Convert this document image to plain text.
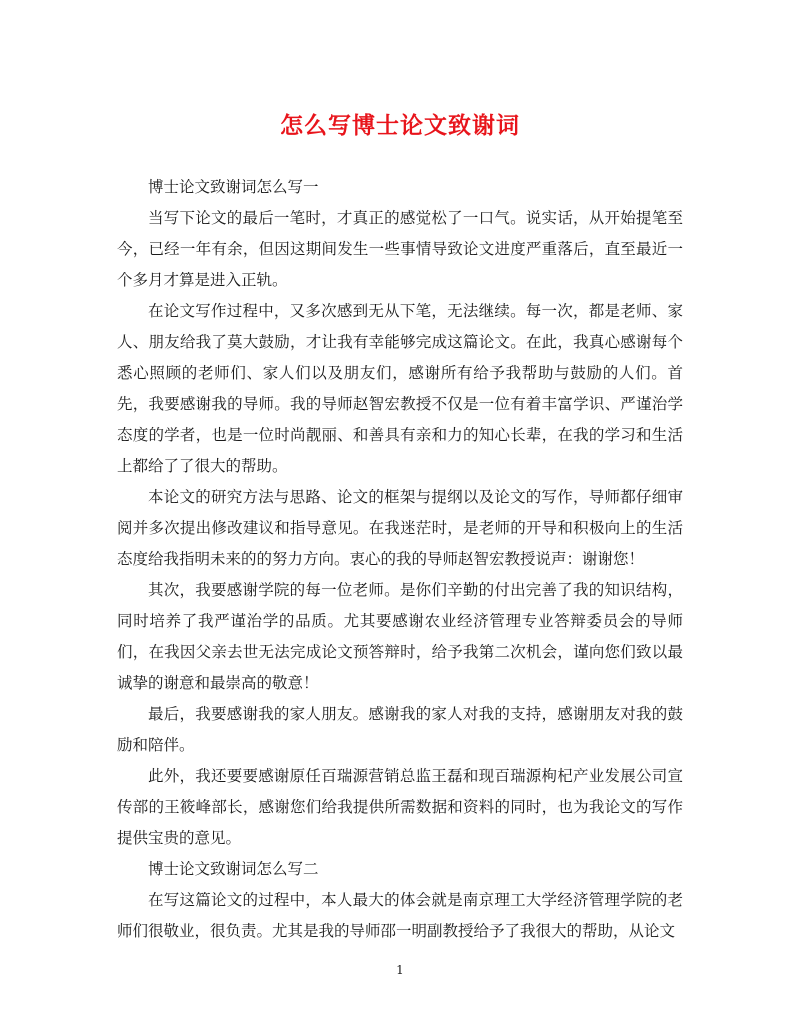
怎么写博士论文致谢词

博士论文致谢词怎么写一

当写下论文的最后一笔时，才真正的感觉松了一口气。说实话，从开始提笔至今，已经一年有余，但因这期间发生一些事情导致论文进度严重落后，直至最近一个多月才算是进入正轨。

在论文写作过程中，又多次感到无从下笔，无法继续。每一次，都是老师、家人、朋友给我了莫大鼓励，才让我有幸能够完成这篇论文。在此，我真心感谢每个悉心照顾的老师们、家人们以及朋友们，感谢所有给予我帮助与鼓励的人们。首先，我要感谢我的导师。我的导师赵智宏教授不仅是一位有着丰富学识、严谨治学态度的学者，也是一位时尚靓丽、和善具有亲和力的知心长辈，在我的学习和生活上都给了了很大的帮助。

本论文的研究方法与思路、论文的框架与提纲以及论文的写作，导师都仔细审阅并多次提出修改建议和指导意见。在我迷茫时，是老师的开导和积极向上的生活态度给我指明未来的的努力方向。衷心的我的导师赵智宏教授说声：谢谢您！

其次，我要感谢学院的每一位老师。是你们辛勤的付出完善了我的知识结构，同时培养了我严谨治学的品质。尤其要感谢农业经济管理专业答辩委员会的导师们，在我因父亲去世无法完成论文预答辩时，给予我第二次机会，谨向您们致以最诚挚的谢意和最崇高的敬意！

最后，我要感谢我的家人朋友。感谢我的家人对我的支持，感谢朋友对我的鼓励和陪伴。

此外，我还要要感谢原任百瑞源营销总监王磊和现百瑞源枸杞产业发展公司宣传部的王筱峰部长，感谢您们给我提供所需数据和资料的同时，也为我论文的写作提供宝贵的意见。

博士论文致谢词怎么写二

在写这篇论文的过程中，本人最大的体会就是南京理工大学经济管理学院的老师们很敬业，很负责。尤其是我的导师邵一明副教授给予了我很大的帮助，从论文

1
